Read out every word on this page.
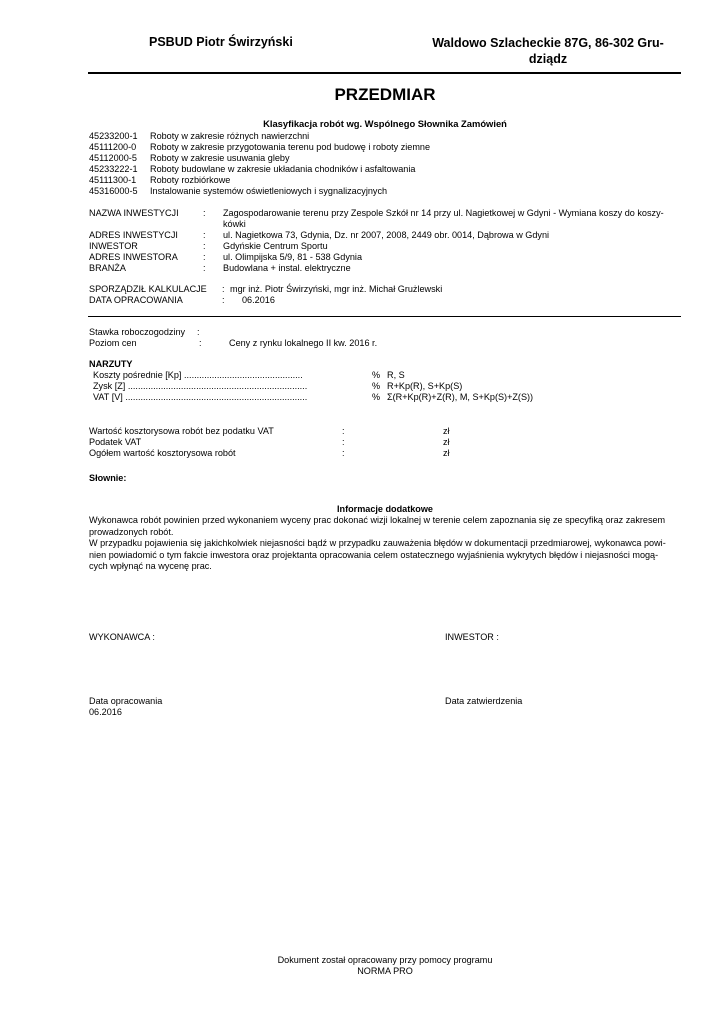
PSBUD Piotr Świrzyński	Waldowo Szlacheckie 87G, 86-302 Gru-
dziądz
PRZEDMIAR
Klasyfikacja robót wg. Wspólnego Słownika Zamówień
45233200-1 Roboty w zakresie różnych nawierzchni
45111200-0 Roboty w zakresie przygotowania terenu pod budowę i roboty ziemne
45112000-5 Roboty w zakresie usuwania gleby
45233222-1 Roboty budowlane w zakresie układania chodników i asfaltowania
45111300-1 Roboty rozbiórkowe
45316000-5 Instalowanie systemów oświetleniowych i sygnalizacyjnych
NAZWA INWESTYCJI	: Zagospodarowanie terenu przy Zespole Szkół nr 14 przy ul. Nagietkowej w Gdyni - Wymiana koszy do koszy-
kówki
ADRES INWESTYCJI	: ul. Nagietkowa 73, Gdynia, Dz. nr 2007, 2008, 2449 obr. 0014, Dąbrowa w Gdyni
INWESTOR	: Gdyńskie Centrum Sportu
ADRES INWESTORA	: ul. Olimpijska 5/9, 81 - 538 Gdynia
BRANŻA	: Budowlana + instal. elektryczne
SPORZĄDZIŁ KALKULACJE : mgr inż. Piotr Świrzyński, mgr inż. Michał Grużlewski
DATA OPRACOWANIA	: 06.2016
Stawka roboczogodziny :
Poziom cen	:	Ceny z rynku lokalnego II kw. 2016 r.
NARZUTY
Koszty pośrednie [Kp] ...............................................	% R, S
Zysk [Z] .......................................................................	% R+Kp(R), S+Kp(S)
VAT [V] ........................................................................	% Σ(R+Kp(R)+Z(R), M, S+Kp(S)+Z(S))
Wartość kosztorysowa robót bez podatku VAT	:	zł
Podatek VAT	:	zł
Ogółem wartość kosztorysowa robót	:	zł
Słownie:
Informacje dodatkowe
Wykonawca robót powinien przed wykonaniem wyceny prac dokonać wizji lokalnej w terenie celem zapoznania się ze specyfiką oraz zakresem
prowadzonych robót.
W przypadku pojawienia się jakichkolwiek niejasności bądź w przypadku zauważenia błędów w dokumentacji przedmiarowej, wykonawca powi-
nien powiadomić o tym fakcie inwestora oraz projektanta opracowania celem ostatecznego wyjaśnienia wykrytych błędów i niejasności mogą-
cych wpłynąć na wycenę prac.
WYKONAWCA :	INWESTOR :
Data opracowania
06.2016
Data zatwierdzenia
Dokument został opracowany przy pomocy programu
NORMA PRO
